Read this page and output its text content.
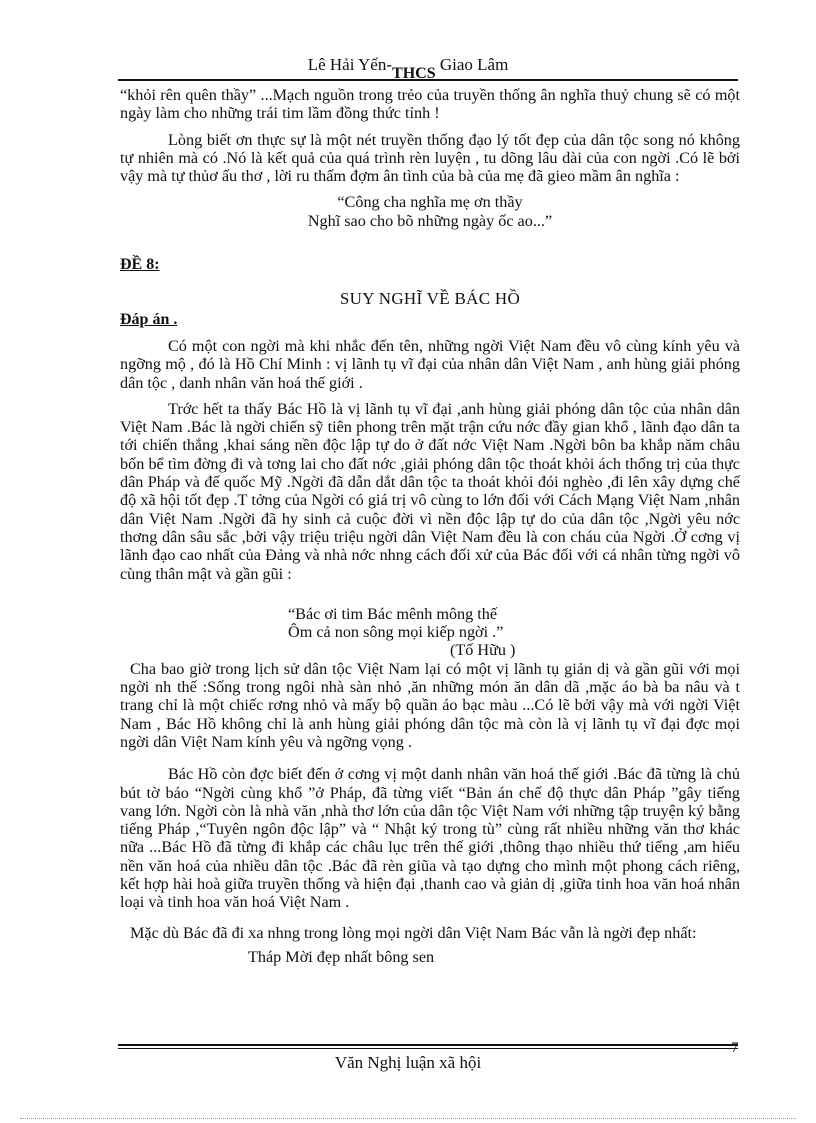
Lê Hải Yến-THCS Giao Lâm

“khỏi rên quên thầy” ...Mạch nguồn trong trẻo của truyền thống ân nghĩa thuỷ chung sẽ có một ngày làm cho những trái tim lầm đồng thức tỉnh !

Lòng biết ơn thực sự là một nét truyền thống đạo lý tốt đẹp của dân tộc song nó không tự nhiên mà có .Nó là kết quả của quá trình rèn luyện , tu dõng lâu dài của con ngời .Có lẽ bởi vậy mà tự thủơ ấu thơ , lời ru thấm đợm ân tình của bà của mẹ đã gieo mầm ân nghĩa :

“Công cha nghĩa mẹ ơn thầy

Nghĩ sao cho bõ những ngày ốc ao...”

ĐỀ 8:

SUY NGHĨ VỀ BÁC HỒ

Đáp án .

Có một con ngời mà khi nhắc đến tên, những ngời Việt Nam đều vô cùng kính yêu và ngỡng mộ , đó là Hồ Chí Minh : vị lãnh tụ vĩ đại của nhân dân Việt Nam , anh hùng giải phóng dân tộc , danh nhân văn hoá thế giới .

Trớc hết ta thấy Bác Hồ là vị lãnh tụ vĩ đại ,anh hùng giải phóng dân tộc của nhân dân Việt Nam .Bác là ngời chiến sỹ tiên phong trên mặt trận cứu nớc đầy gian khổ , lãnh đạo dân ta tới chiến thắng ,khai sáng nền độc lập tự do ở đất nớc Việt Nam .Ngời bôn ba khắp năm châu bốn bể tìm đờng đi và tơng lai cho đất nớc ,giải phóng dân tộc thoát khỏi ách thống trị của thực dân Pháp và đế quốc Mỹ .Ngời đã dẫn dắt dân tộc ta thoát khỏi đói nghèo ,đi lên xây dựng chế độ xã hội tốt đẹp .T tởng của Ngời có giá trị vô cùng to lớn đối với Cách Mạng Việt Nam ,nhân dân Việt Nam .Ngời đã hy sinh cả cuộc đời vì nền độc lập tự do của dân tộc ,Ngời yêu nớc thơng dân sâu sắc ,bởi vậy triệu triệu ngời dân Việt Nam đều là con cháu của Ngời .Ở cơng vị lãnh đạo cao nhất của Đảng và nhà nớc nhng cách đối xử của Bác đối với cá nhân từng ngời vô cùng thân mật và gần gũi :

“Bác ơi tim Bác mênh mông thế

Ôm cả non sông mọi kiếp ngời .”

(Tố Hữu )

Cha bao giờ trong lịch sử dân tộc Việt Nam lại có một vị lãnh tụ giản dị và gần gũi với mọi ngời nh thế :Sống trong ngôi nhà sàn nhỏ ,ăn những món ăn dân dã ,mặc áo bà ba nâu và t trang chỉ là một chiếc rơng nhỏ và mấy bộ quần áo bạc màu ...Có lẽ bởi vậy mà với ngời Việt Nam , Bác Hồ không chỉ là anh hùng giải phóng dân tộc mà còn là vị lãnh tụ vĩ đại đợc mọi ngời dân Việt Nam kính yêu và ngỡng vọng .

Bác Hồ còn đợc biết đến ở cơng vị một danh nhân văn hoá thế giới .Bác đã từng là chủ bút tờ báo “Ngời cùng khổ ”ở Pháp, đã từng viết “Bản án chế độ thực dân Pháp ”gây tiếng vang lớn. Ngời còn là nhà văn ,nhà thơ lớn của dân tộc Việt Nam với những tập truyện ký bằng tiếng Pháp ,“Tuyên ngôn độc lập” và “ Nhật ký trong tù” cùng rất nhiều những văn thơ khác nữa ...Bác Hồ đã từng đi khắp các châu lục trên thế giới ,thông thạo nhiều thứ tiếng ,am hiểu nền văn hoá của nhiều dân tộc .Bác đã rèn giũa và tạo dựng cho mình một phong cách riêng, kết hợp hài hoà giữa truyền thống và hiện đại ,thanh cao và giản dị ,giữa tinh hoa văn hoá nhân loại và tinh hoa văn hoá Việt Nam .

Mặc dù Bác đã đi xa nhng trong lòng mọi ngời dân Việt Nam Bác vẫn là ngời đẹp nhất:

Tháp Mời đẹp nhất bông sen

7
Văn Nghị luận xã hội
